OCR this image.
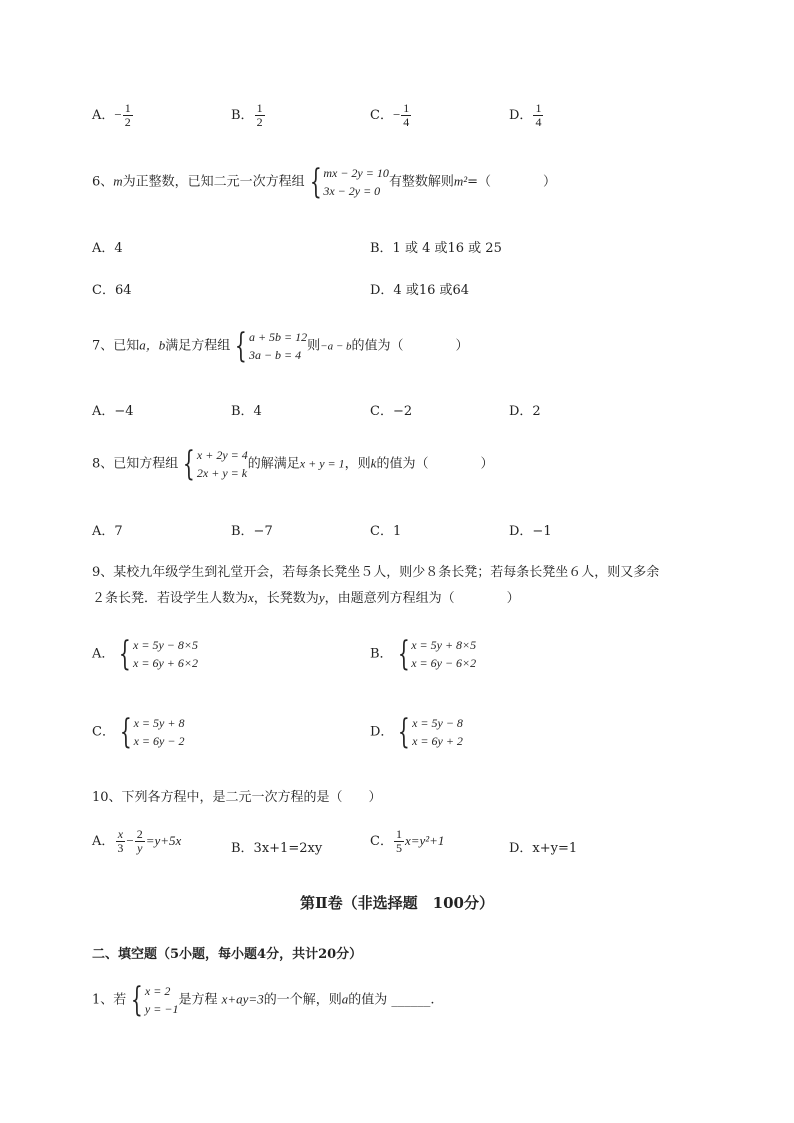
A．− $\frac{1}{2}$	B． $\frac{1}{2}$	C．− $\frac{1}{4}$	D． $\frac{1}{4}$
6、m为正整数，已知二元一次方程组 { mx − 2y = 10
3x − 2y = 0
有整数解则m²=（　　　　）
A．4	B．1 或 4 或16 或 25
C．64	D．4 或16 或64
7、已知a，b满足方程组 { a + 5b = 12
3a − b = 4
则−a − b的值为（　　　　）
A．−4	B．4	C．−2	D．2
8、已知方程组 { x + 2y = 4
2x + y = k
的解满足x + y = 1，则k的值为（　　　　）
A．7	B．−7	C．1	D．−1
9、某校九年级学生到礼堂开会，若每条长凳坐５人，则少８条长凳；若每条长凳坐６人，则又多余
２条长凳．若设学生人数为x，长凳数为y，由题意列方程组为（　　　　）
A． { x = 5y − 8×5
x = 6y + 6×2
B． { x = 5y + 8×5
x = 6y − 6×2
C． { x = 5y + 8
x = 6y − 2
D． { x = 5y − 8
x = 6y + 2
10、下列各方程中，是二元一次方程的是（　　）
A． $\frac{x}{3} - \frac{2}{y} =y+5x$
B．3x+1=2xy	C． $\frac{1}{5} x=y^2+1$
D．x+y=1
第Ⅱ卷（非选择题　100分）
二、填空题（5小题，每小题4分，共计20分）
1、若 { x = 2
y = −1
是方程 x+ay=3的一个解，则a的值为 ______.
